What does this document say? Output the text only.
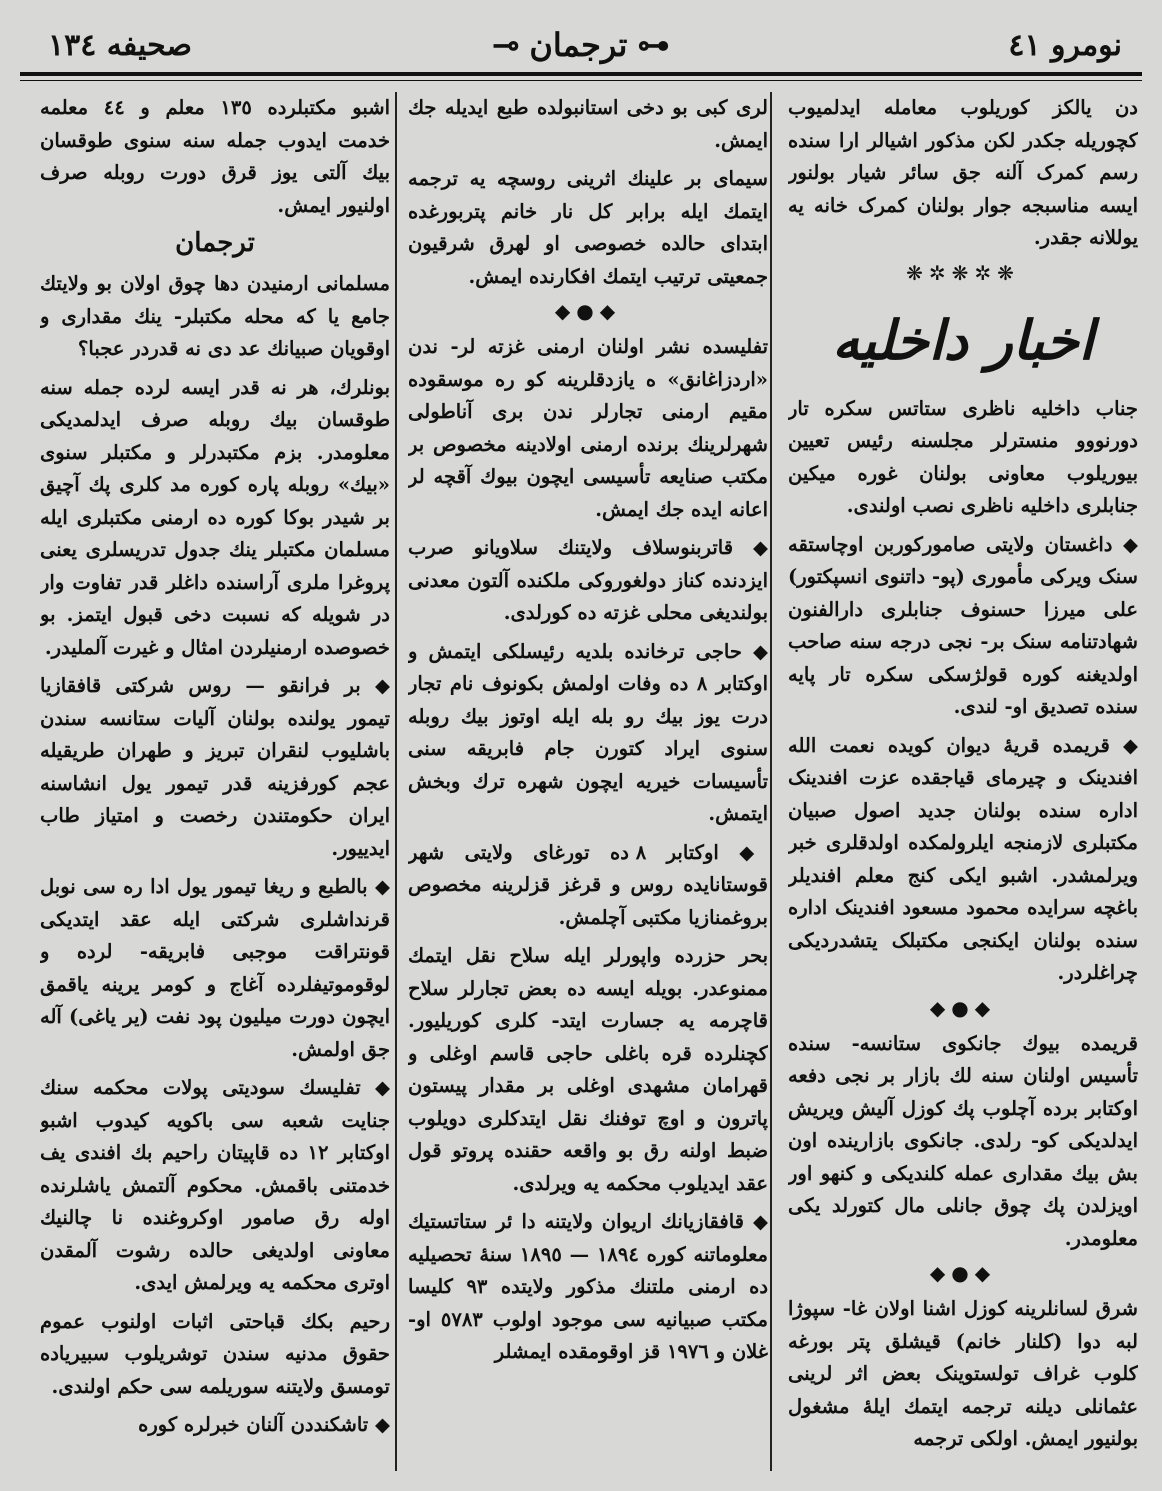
نومرو ٤١
⊷
ترجمان
⊸
صحیفه ١٣٤

دن یالکز کوریلوب معامله ایدلمیوب کچوریله جکدر لکن مذکور اشیالر ارا سنده رسم کمرک آلنه جق سائر شیار بولنور ایسه مناسبجه جوار بولنان کمرک خانه یه یوللانه جقدر.

❋✲❋✲❋
اخبار داخلیه

جناب داخلیه ناظری ستاتس سکره تار دورنووو منسترلر مجلسنه رئیس تعیین بیوریلوب معاونی بولنان غوره میکین جنابلری داخلیه ناظری نصب اولندی.

◆ داغستان ولایتی صامورکوربن اوچاستقه سنک ویرکی مأموری (پو- داتنوی انسپکتور) علی میرزا حسنوف جنابلری دارالفنون شهادتنامه سنک بر- نجی درجه سنه صاحب اولدیغنه کوره قولژسکی سکره تار پایه سنده تصدیق او- لندی.

◆ قریمده قریهٔ دیوان کویده نعمت الله افندینک و چیرمای قیاجقده عزت افندینک اداره سنده بولنان جدید اصول صبیان مکتبلری لازمنجه ایلرولمکده اولدقلری خبر ویرلمشدر. اشبو ایکی کنج معلم افندیلر باغچه سرایده محمود مسعود افندینک اداره سنده بولنان ایکنجی مکتبلک یتشدردیکی چراغلردر.

◆●◆

قریمده بیوك جانکوی ستانسه- سنده تأسیس اولنان سنه لك بازار بر نجی دفعه اوکتابر برده آچلوب پك کوزل آلیش ویریش ایدلدیکی کو- رلدی. جانکوی بازارینده اون بش بیك مقداری عمله کلندیکی و کنهو اور اویزلدن پك چوق جانلی مال کتورلد یکی معلومدر.

◆●◆

شرق لسانلرینه کوزل اشنا اولان غا- سپوژا لبه دوا (کلنار خانم) قیشلق پتر بورغه کلوب غراف تولستوینک بعض اثر لرینی عثمانلی دیلنه ترجمه ایتمك ایلهٔ مشغول بولنیور ایمش. اولکی ترجمه

لری کبی بو دخی استانبولده طبع ایدیله جك ایمش.

سیمای بر علینك اثرینی روسچه یه ترجمه ایتمك ایله برابر کل نار خانم پتربورغده ابتدای حالده خصوصی او لهرق شرقیون جمعیتی ترتیب ایتمك افکارنده ایمش.

◆●◆

تفلیسده نشر اولنان ارمنی غزته لر- ندن «اردزاغانق» ه یازدقلرینه کو ره موسقوده مقیم ارمنی تجارلر ندن بری آناطولی شهرلرینك برنده ارمنی اولادینه مخصوص بر مکتب صنایعه تأسیسی ایچون بیوك آقچه لر اعانه ایده جك ایمش.

◆ قاتربنوسلاف ولایتنك سلاویانو صرب ایزدنده کناز دولغوروکی ملکنده آلتون معدنی بولندیغی محلی غزته ده کورلدی.

◆ حاجی ترخانده بلدیه رئیسلکی ایتمش و اوکتابر ٨ ده وفات اولمش بکونوف نام تجار درت یوز بیك رو بله ایله اوتوز بیك روبله سنوی ایراد کتورن جام فابریقه سنی تأسیسات خیریه ایچون شهره ترك وبخش ایتمش.

◆ اوکتابر ٨ ده تورغای ولایتی شهر قوستانایده روس و قرغز قزلرینه مخصوص بروغمنازیا مکتبی آچلمش.

بحر حزرده واپورلر ایله سلاح نقل ایتمك ممنوعدر. بویله ایسه ده بعض تجارلر سلاح قاچرمه یه جسارت ایتد- کلری کوریلیور. کچنلرده قره باغلی حاجی قاسم اوغلی و قهرامان مشهدی اوغلی بر مقدار پیستون پاترون و اوچ توفنك نقل ایتدکلری دویلوب ضبط اولنه رق بو واقعه حقنده پروتو قول عقد ایدیلوب محکمه یه ویرلدی.

◆ قافقازیانك اریوان ولایتنه دا ئر ستاتستیك معلوماتنه کوره ١٨٩٤ — ١٨٩٥ سنهٔ تحصیلیه ده ارمنی ملتنك مذکور ولایتده ٩٣ کلیسا مکتب صبیانیه سی موجود اولوب ٥٧٨٣ او- غلان و ١٩٧٦ قز اوقومقده ایمشلر

اشبو مکتبلرده ١٣٥ معلم و ٤٤ معلمه خدمت ایدوب جمله سنه سنوی طوقسان بیك آلتی یوز قرق دورت روبله صرف اولنیور ایمش.

ترجمان

مسلمانی ارمنیدن دها چوق اولان بو ولایتك جامع یا که محله مکتبلر- ینك مقداری و اوقویان صبیانك عد دی نه قدردر عجبا؟

بونلرك، هر نه قدر ایسه لرده جمله سنه طوقسان بیك روبله صرف ایدلمدیکی معلومدر. بزم مکتبدرلر و مکتبلر سنوی «بیك» روبله پاره کوره مد کلری پك آچیق بر شیدر بوکا کوره ده ارمنی مکتبلری ایله مسلمان مکتبلر ینك جدول تدریسلری یعنی پروغرا ملری آراسنده داغلر قدر تفاوت وار در شویله که نسبت دخی قبول ایتمز. بو خصوصده ارمنیلردن امثال و غیرت آلملیدر.

◆ بر فرانقو — روس شرکتی قافقازیا تیمور یولنده بولنان آلیات ستانسه سندن باشلیوب لنقران تبریز و طهران طریقیله عجم کورفزینه قدر تیمور یول انشاسنه ایران حکومتندن رخصت و امتیاز طاب ایدییور.

◆ بالطبع و ریغا تیمور یول ادا ره سی نوبل قرنداشلری شرکتی ایله عقد ایتدیکی قونتراقت موجبی فابریقه- لرده و لوقوموتیفلرده آغاج و کومر یرینه یاقمق ایچون دورت میلیون پود نفت (یر یاغی) آله جق اولمش.

◆ تفلیسك سودیتی پولات محکمه سنك جنایت شعبه سی باکویه کیدوب اشبو اوکتابر ١٢ ده قاپیتان راحیم بك افندی یف خدمتنی باقمش. محکوم آلتمش یاشلرنده اوله رق صامور اوکروغنده نا چالنیك معاونی اولدیغی حالده رشوت آلمقدن اوتری محکمه یه ویرلمش ایدی.

رحیم بکك قباحتی اثبات اولنوب عموم حقوق مدنیه سندن توشریلوب سبیریاده تومسق ولایتنه سوریلمه سی حکم اولندی.

◆ تاشکنددن آلنان خبرلره کوره
